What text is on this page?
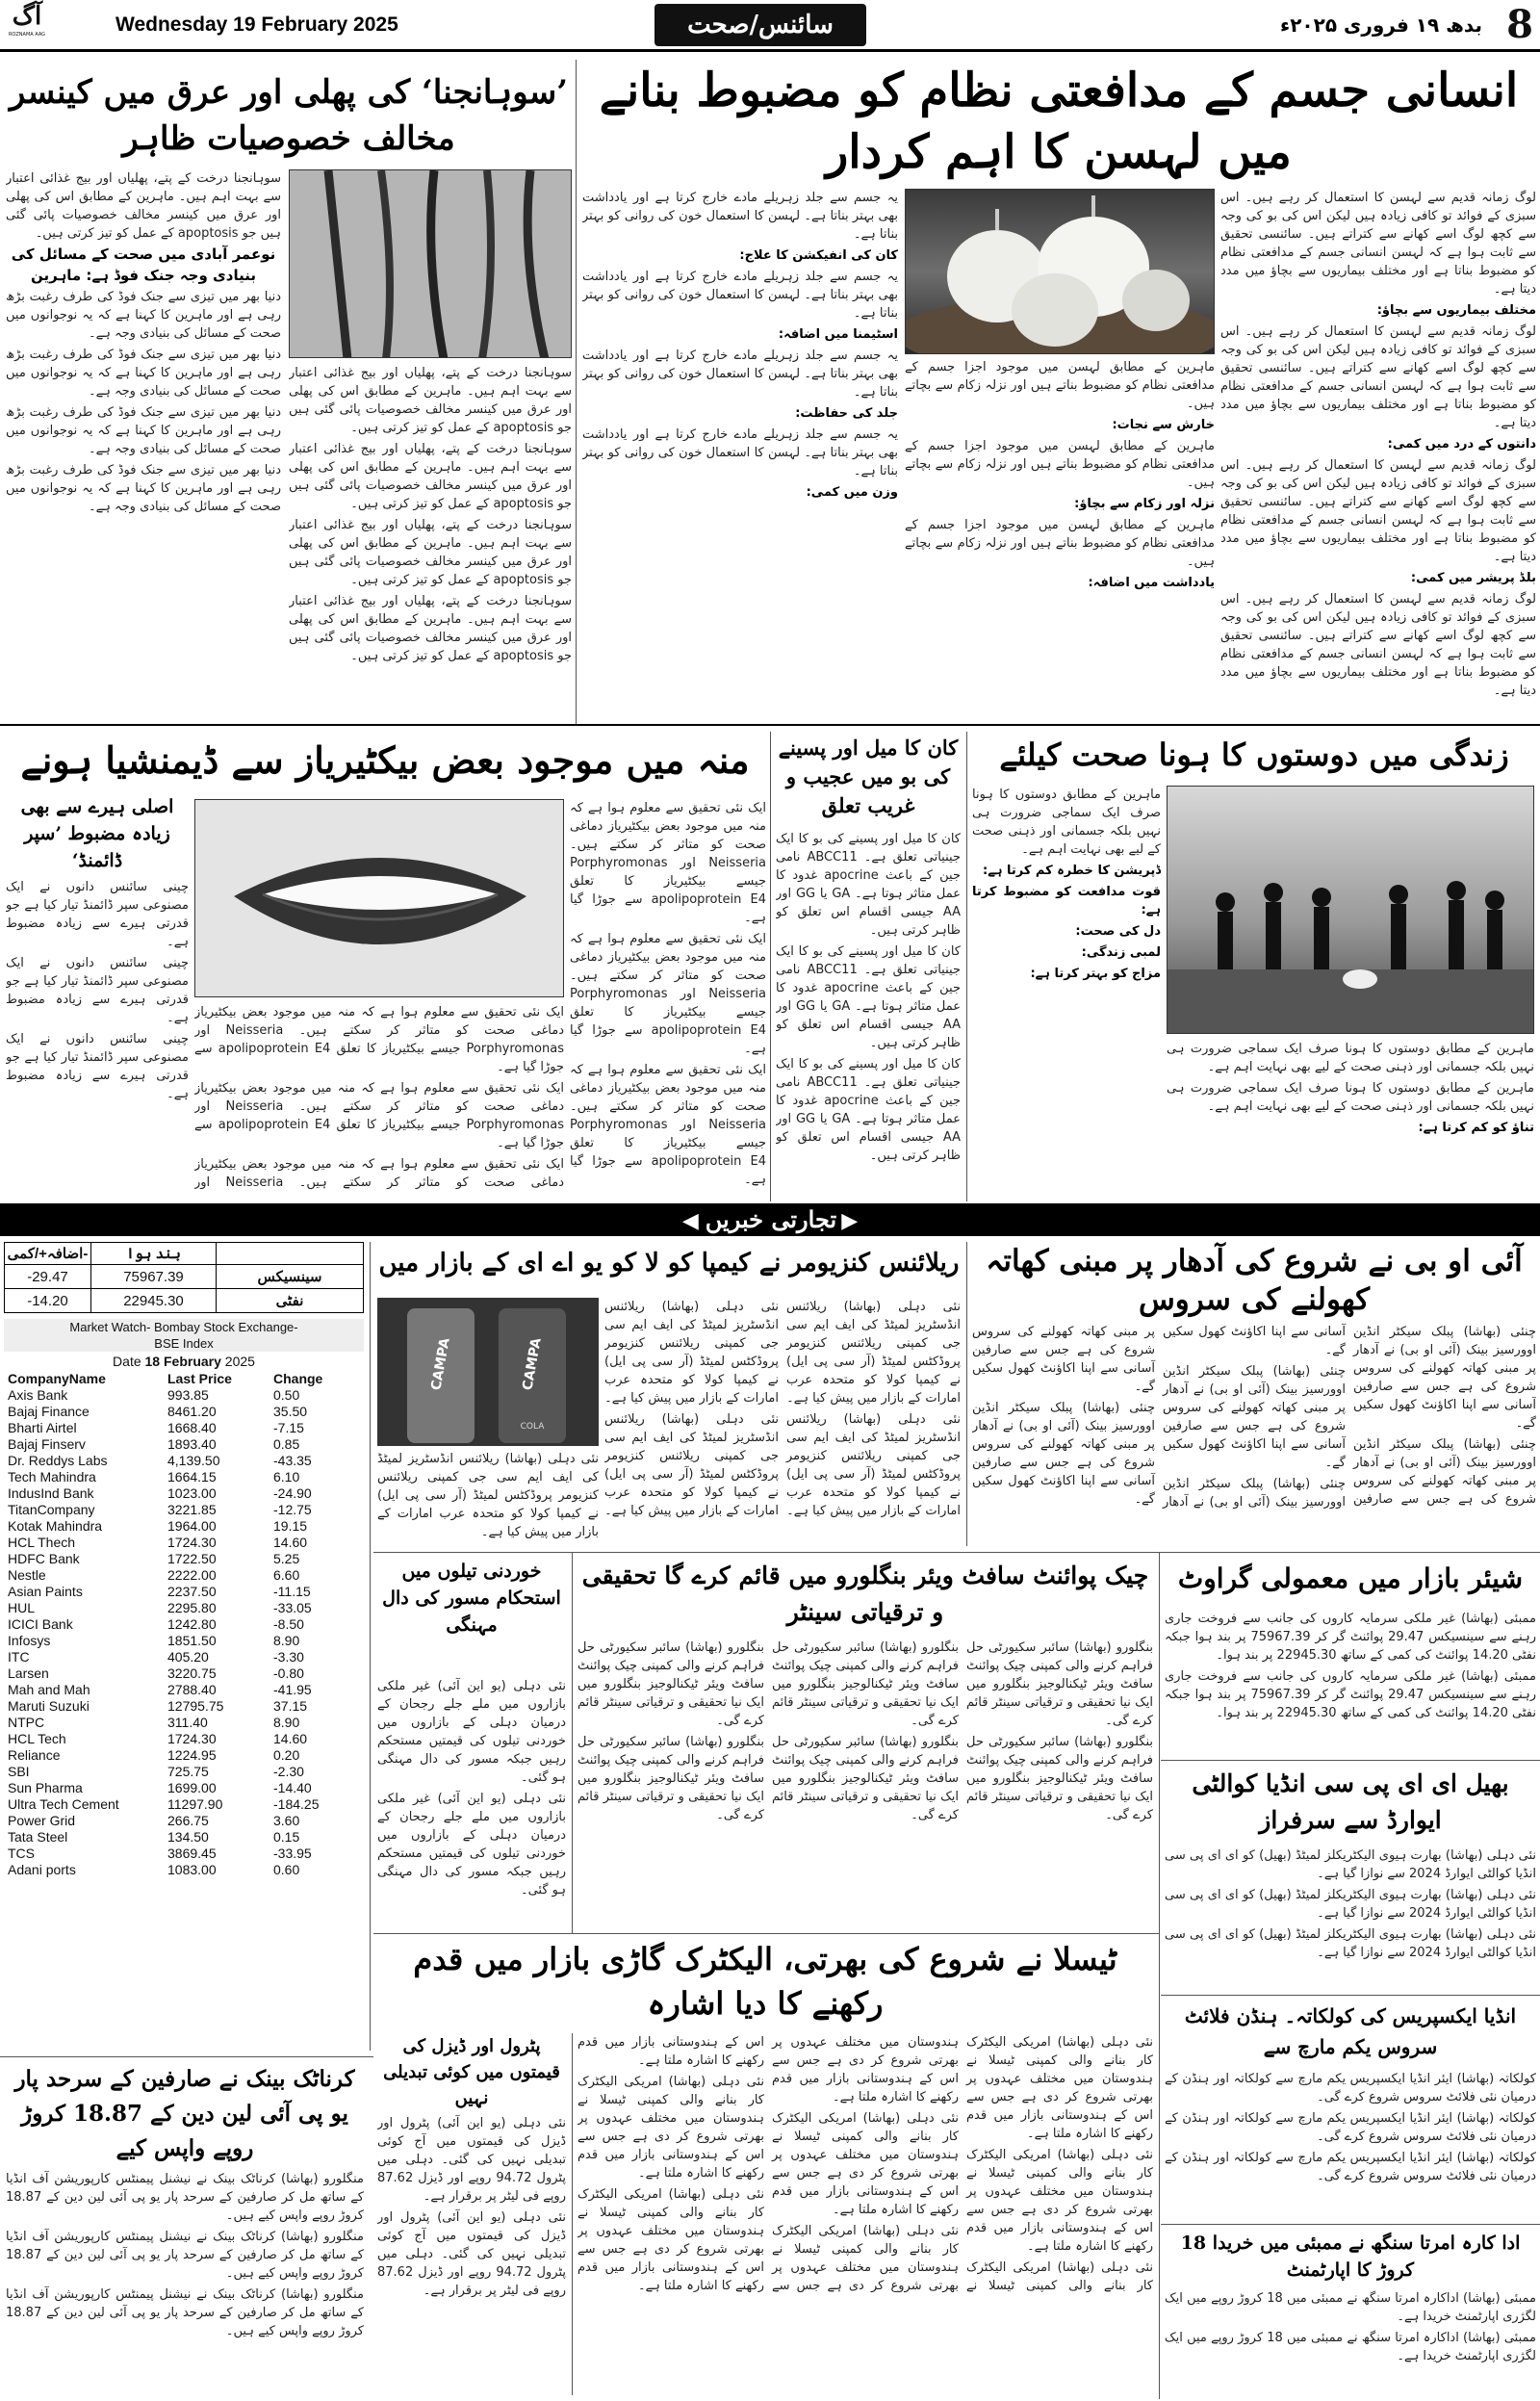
آگ
ROZNAMA AAG	Wednesday 19 February 2025	سائنس/صحت	بدھ ۱۹ فروری ۲۰۲۵ء 8
انسانی جسم کے مدافعتی نظام کو مضبوط بنانے میں لہسن کا اہم کردار

لوگ زمانہ قدیم سے لہسن کا استعمال کر رہے ہیں۔ اس سبزی کے فوائد تو کافی زیادہ ہیں لیکن اس کی بو کی وجہ سے کچھ لوگ اسے کھانے سے کتراتے ہیں۔ سائنسی تحقیق سے ثابت ہوا ہے کہ لہسن انسانی جسم کے مدافعتی نظام کو مضبوط بناتا ہے اور مختلف بیماریوں سے بچاؤ میں مدد دیتا ہے۔

مختلف بیماریوں سے بچاؤ:

لوگ زمانہ قدیم سے لہسن کا استعمال کر رہے ہیں۔ اس سبزی کے فوائد تو کافی زیادہ ہیں لیکن اس کی بو کی وجہ سے کچھ لوگ اسے کھانے سے کتراتے ہیں۔ سائنسی تحقیق سے ثابت ہوا ہے کہ لہسن انسانی جسم کے مدافعتی نظام کو مضبوط بناتا ہے اور مختلف بیماریوں سے بچاؤ میں مدد دیتا ہے۔

دانتوں کے درد میں کمی:

لوگ زمانہ قدیم سے لہسن کا استعمال کر رہے ہیں۔ اس سبزی کے فوائد تو کافی زیادہ ہیں لیکن اس کی بو کی وجہ سے کچھ لوگ اسے کھانے سے کتراتے ہیں۔ سائنسی تحقیق سے ثابت ہوا ہے کہ لہسن انسانی جسم کے مدافعتی نظام کو مضبوط بناتا ہے اور مختلف بیماریوں سے بچاؤ میں مدد دیتا ہے۔

بلڈ پریشر میں کمی:

لوگ زمانہ قدیم سے لہسن کا استعمال کر رہے ہیں۔ اس سبزی کے فوائد تو کافی زیادہ ہیں لیکن اس کی بو کی وجہ سے کچھ لوگ اسے کھانے سے کتراتے ہیں۔ سائنسی تحقیق سے ثابت ہوا ہے کہ لہسن انسانی جسم کے مدافعتی نظام کو مضبوط بناتا ہے اور مختلف بیماریوں سے بچاؤ میں مدد دیتا ہے۔

ماہرین کے مطابق لہسن میں موجود اجزا جسم کے مدافعتی نظام کو مضبوط بناتے ہیں اور نزلہ زکام سے بچاتے ہیں۔

خارش سے نجات:

ماہرین کے مطابق لہسن میں موجود اجزا جسم کے مدافعتی نظام کو مضبوط بناتے ہیں اور نزلہ زکام سے بچاتے ہیں۔

نزلہ اور زکام سے بچاؤ:

ماہرین کے مطابق لہسن میں موجود اجزا جسم کے مدافعتی نظام کو مضبوط بناتے ہیں اور نزلہ زکام سے بچاتے ہیں۔

یادداشت میں اضافہ:

یہ جسم سے جلد زہریلے مادے خارج کرتا ہے اور یادداشت بھی بہتر بناتا ہے۔ لہسن کا استعمال خون کی روانی کو بہتر بناتا ہے۔

کان کی انفیکشن کا علاج:

یہ جسم سے جلد زہریلے مادے خارج کرتا ہے اور یادداشت بھی بہتر بناتا ہے۔ لہسن کا استعمال خون کی روانی کو بہتر بناتا ہے۔

اسٹیمنا میں اضافہ:

یہ جسم سے جلد زہریلے مادے خارج کرتا ہے اور یادداشت بھی بہتر بناتا ہے۔ لہسن کا استعمال خون کی روانی کو بہتر بناتا ہے۔

جلد کی حفاظت:

یہ جسم سے جلد زہریلے مادے خارج کرتا ہے اور یادداشت بھی بہتر بناتا ہے۔ لہسن کا استعمال خون کی روانی کو بہتر بناتا ہے۔

وزن میں کمی:

’سوہانجنا‘ کی پھلی اور عرق میں کینسر مخالف خصوصیات ظاہر

سوہانجنا درخت کے پتے، پھلیاں اور بیج غذائی اعتبار سے بہت اہم ہیں۔ ماہرین کے مطابق اس کی پھلی اور عرق میں کینسر مخالف خصوصیات پائی گئی ہیں جو apoptosis کے عمل کو تیز کرتی ہیں۔

سوہانجنا درخت کے پتے، پھلیاں اور بیج غذائی اعتبار سے بہت اہم ہیں۔ ماہرین کے مطابق اس کی پھلی اور عرق میں کینسر مخالف خصوصیات پائی گئی ہیں جو apoptosis کے عمل کو تیز کرتی ہیں۔

سوہانجنا درخت کے پتے، پھلیاں اور بیج غذائی اعتبار سے بہت اہم ہیں۔ ماہرین کے مطابق اس کی پھلی اور عرق میں کینسر مخالف خصوصیات پائی گئی ہیں جو apoptosis کے عمل کو تیز کرتی ہیں۔

سوہانجنا درخت کے پتے، پھلیاں اور بیج غذائی اعتبار سے بہت اہم ہیں۔ ماہرین کے مطابق اس کی پھلی اور عرق میں کینسر مخالف خصوصیات پائی گئی ہیں جو apoptosis کے عمل کو تیز کرتی ہیں۔

سوہانجنا درخت کے پتے، پھلیاں اور بیج غذائی اعتبار سے بہت اہم ہیں۔ ماہرین کے مطابق اس کی پھلی اور عرق میں کینسر مخالف خصوصیات پائی گئی ہیں جو apoptosis کے عمل کو تیز کرتی ہیں۔

نوعمر آبادی میں صحت کے مسائل کی

بنیادی وجہ جنک فوڈ ہے: ماہرین

دنیا بھر میں تیزی سے جنک فوڈ کی طرف رغبت بڑھ رہی ہے اور ماہرین کا کہنا ہے کہ یہ نوجوانوں میں صحت کے مسائل کی بنیادی وجہ ہے۔

دنیا بھر میں تیزی سے جنک فوڈ کی طرف رغبت بڑھ رہی ہے اور ماہرین کا کہنا ہے کہ یہ نوجوانوں میں صحت کے مسائل کی بنیادی وجہ ہے۔

دنیا بھر میں تیزی سے جنک فوڈ کی طرف رغبت بڑھ رہی ہے اور ماہرین کا کہنا ہے کہ یہ نوجوانوں میں صحت کے مسائل کی بنیادی وجہ ہے۔

دنیا بھر میں تیزی سے جنک فوڈ کی طرف رغبت بڑھ رہی ہے اور ماہرین کا کہنا ہے کہ یہ نوجوانوں میں صحت کے مسائل کی بنیادی وجہ ہے۔

زندگی میں دوستوں کا ہونا صحت کیلئے

ماہرین کے مطابق دوستوں کا ہونا صرف ایک سماجی ضرورت ہی نہیں بلکہ جسمانی اور ذہنی صحت کے لیے بھی نہایت اہم ہے۔

ماہرین کے مطابق دوستوں کا ہونا صرف ایک سماجی ضرورت ہی نہیں بلکہ جسمانی اور ذہنی صحت کے لیے بھی نہایت اہم ہے۔

تناؤ کو کم کرتا ہے:

ماہرین کے مطابق دوستوں کا ہونا صرف ایک سماجی ضرورت ہی نہیں بلکہ جسمانی اور ذہنی صحت کے لیے بھی نہایت اہم ہے۔

ڈپریشن کا خطرہ کم کرتا ہے:

قوت مدافعت کو مضبوط کرتا ہے:

دل کی صحت:

لمبی زندگی:

مزاج کو بہتر کرتا ہے:

کان کا میل اور پسینے کی بو میں عجیب و غریب تعلق

کان کا میل اور پسینے کی بو کا ایک جینیاتی تعلق ہے۔ ABCC11 نامی جین کے باعث apocrine غدود کا عمل متاثر ہوتا ہے۔ GA یا GG اور AA جیسی اقسام اس تعلق کو ظاہر کرتی ہیں۔

کان کا میل اور پسینے کی بو کا ایک جینیاتی تعلق ہے۔ ABCC11 نامی جین کے باعث apocrine غدود کا عمل متاثر ہوتا ہے۔ GA یا GG اور AA جیسی اقسام اس تعلق کو ظاہر کرتی ہیں۔

کان کا میل اور پسینے کی بو کا ایک جینیاتی تعلق ہے۔ ABCC11 نامی جین کے باعث apocrine غدود کا عمل متاثر ہوتا ہے۔ GA یا GG اور AA جیسی اقسام اس تعلق کو ظاہر کرتی ہیں۔

منہ میں موجود بعض بیکٹیریاز سے ڈیمنشیا ہونے

ایک نئی تحقیق سے معلوم ہوا ہے کہ منہ میں موجود بعض بیکٹیریاز دماغی صحت کو متاثر کر سکتے ہیں۔ Neisseria اور Porphyromonas جیسے بیکٹیریاز کا تعلق apolipoprotein E4 سے جوڑا گیا ہے۔

ایک نئی تحقیق سے معلوم ہوا ہے کہ منہ میں موجود بعض بیکٹیریاز دماغی صحت کو متاثر کر سکتے ہیں۔ Neisseria اور Porphyromonas جیسے بیکٹیریاز کا تعلق apolipoprotein E4 سے جوڑا گیا ہے۔

ایک نئی تحقیق سے معلوم ہوا ہے کہ منہ میں موجود بعض بیکٹیریاز دماغی صحت کو متاثر کر سکتے ہیں۔ Neisseria اور Porphyromonas جیسے بیکٹیریاز کا تعلق apolipoprotein E4 سے جوڑا گیا ہے۔

ایک نئی تحقیق سے معلوم ہوا ہے کہ منہ میں موجود بعض بیکٹیریاز دماغی صحت کو متاثر کر سکتے ہیں۔ Neisseria اور Porphyromonas جیسے بیکٹیریاز کا تعلق apolipoprotein E4 سے جوڑا گیا ہے۔

ایک نئی تحقیق سے معلوم ہوا ہے کہ منہ میں موجود بعض بیکٹیریاز دماغی صحت کو متاثر کر سکتے ہیں۔ Neisseria اور Porphyromonas جیسے بیکٹیریاز کا تعلق apolipoprotein E4 سے جوڑا گیا ہے۔

ایک نئی تحقیق سے معلوم ہوا ہے کہ منہ میں موجود بعض بیکٹیریاز دماغی صحت کو متاثر کر سکتے ہیں۔ Neisseria اور

اصلی ہیرے سے بھی
زیادہ مضبوط ’سپر ڈائمنڈ‘

چینی سائنس دانوں نے ایک مصنوعی سپر ڈائمنڈ تیار کیا ہے جو قدرتی ہیرے سے زیادہ مضبوط ہے۔

چینی سائنس دانوں نے ایک مصنوعی سپر ڈائمنڈ تیار کیا ہے جو قدرتی ہیرے سے زیادہ مضبوط ہے۔

چینی سائنس دانوں نے ایک مصنوعی سپر ڈائمنڈ تیار کیا ہے جو قدرتی ہیرے سے زیادہ مضبوط ہے۔

◀ تجارتی خبریں ▶
اضافہ+/کمی-	بند ہوا	
-29.47	75967.39	سینسیکس
-14.20	22945.30	نفٹی
Market Watch- Bombay Stock Exchange-
BSE Index
Date 18 February 2025
CompanyName	Last Price	Change
Axis Bank	993.85	0.50
Bajaj Finance	8461.20	35.50
Bharti Airtel	1668.40	-7.15
Bajaj Finserv	1893.40	0.85
Dr. Reddys Labs	4,139.50	-43.35
Tech Mahindra	1664.15	6.10
IndusInd Bank	1023.00	-24.90
TitanCompany	3221.85	-12.75
Kotak Mahindra	1964.00	19.15
HCL Thech	1724.30	14.60
HDFC Bank	1722.50	5.25
Nestle	2222.00	6.60
Asian Paints	2237.50	-11.15
HUL	2295.80	-33.05
ICICI Bank	1242.80	-8.50
Infosys	1851.50	8.90
ITC	405.20	-3.30
Larsen	3220.75	-0.80
Mah and Mah	2788.40	-41.95
Maruti Suzuki	12795.75	37.15
NTPC	311.40	8.90
HCL Tech	1724.30	14.60
Reliance	1224.95	0.20
SBI	725.75	-2.30
Sun Pharma	1699.00	-14.40
Ultra Tech Cement	11297.90	-184.25
Power Grid	266.75	3.60
Tata Steel	134.50	0.15
TCS	3869.45	-33.95
Adani ports	1083.00	0.60
آئی او بی نے شروع کی آدھار پر مبنی کھاتہ کھولنے کی سروس

چنئی (بھاشا) پبلک سیکٹر انڈین اوورسیز بینک (آئی او بی) نے آدھار پر مبنی کھاتہ کھولنے کی سروس شروع کی ہے جس سے صارفین آسانی سے اپنا اکاؤنٹ کھول سکیں گے۔

چنئی (بھاشا) پبلک سیکٹر انڈین اوورسیز بینک (آئی او بی) نے آدھار پر مبنی کھاتہ کھولنے کی سروس شروع کی ہے جس سے صارفین آسانی سے اپنا اکاؤنٹ کھول سکیں گے۔

چنئی (بھاشا) پبلک سیکٹر انڈین اوورسیز بینک (آئی او بی) نے آدھار پر مبنی کھاتہ کھولنے کی سروس شروع کی ہے جس سے صارفین آسانی سے اپنا اکاؤنٹ کھول سکیں گے۔

چنئی (بھاشا) پبلک سیکٹر انڈین اوورسیز بینک (آئی او بی) نے آدھار پر مبنی کھاتہ کھولنے کی سروس شروع کی ہے جس سے صارفین آسانی سے اپنا اکاؤنٹ کھول سکیں گے۔

چنئی (بھاشا) پبلک سیکٹر انڈین اوورسیز بینک (آئی او بی) نے آدھار پر مبنی کھاتہ کھولنے کی سروس شروع کی ہے جس سے صارفین آسانی سے اپنا اکاؤنٹ کھول سکیں گے۔

ریلائنس کنزیومر نے کیمپا کو لا کو یو اے ای کے بازار میں
CAMPA	CAMPA
COLA

نئی دہلی (بھاشا) ریلائنس انڈسٹریز لمیٹڈ کی ایف ایم سی جی کمپنی ریلائنس کنزیومر پروڈکٹس لمیٹڈ (آر سی پی ایل) نے کیمپا کولا کو متحدہ عرب امارات کے بازار میں پیش کیا ہے۔

نئی دہلی (بھاشا) ریلائنس انڈسٹریز لمیٹڈ کی ایف ایم سی جی کمپنی ریلائنس کنزیومر پروڈکٹس لمیٹڈ (آر سی پی ایل) نے کیمپا کولا کو متحدہ عرب امارات کے بازار میں پیش کیا ہے۔

نئی دہلی (بھاشا) ریلائنس انڈسٹریز لمیٹڈ کی ایف ایم سی جی کمپنی ریلائنس کنزیومر پروڈکٹس لمیٹڈ (آر سی پی ایل) نے کیمپا کولا کو متحدہ عرب امارات کے بازار میں پیش کیا ہے۔

نئی دہلی (بھاشا) ریلائنس انڈسٹریز لمیٹڈ کی ایف ایم سی جی کمپنی ریلائنس کنزیومر پروڈکٹس لمیٹڈ (آر سی پی ایل) نے کیمپا کولا کو متحدہ عرب امارات کے بازار میں پیش کیا ہے۔

نئی دہلی (بھاشا) ریلائنس انڈسٹریز لمیٹڈ کی ایف ایم سی جی کمپنی ریلائنس کنزیومر پروڈکٹس لمیٹڈ (آر سی پی ایل) نے کیمپا کولا کو متحدہ عرب امارات کے بازار میں پیش کیا ہے۔

شیئر بازار میں معمولی گراوٹ

ممبئی (بھاشا) غیر ملکی سرمایہ کاروں کی جانب سے فروخت جاری رہنے سے سینسیکس 29.47 پوائنٹ گر کر 75967.39 پر بند ہوا جبکہ نفٹی 14.20 پوائنٹ کی کمی کے ساتھ 22945.30 پر بند ہوا۔

ممبئی (بھاشا) غیر ملکی سرمایہ کاروں کی جانب سے فروخت جاری رہنے سے سینسیکس 29.47 پوائنٹ گر کر 75967.39 پر بند ہوا جبکہ نفٹی 14.20 پوائنٹ کی کمی کے ساتھ 22945.30 پر بند ہوا۔

بھیل ای ای پی سی انڈیا کوالٹی ایوارڈ سے سرفراز

نئی دہلی (بھاشا) بھارت ہیوی الیکٹریکلز لمیٹڈ (بھیل) کو ای ای پی سی انڈیا کوالٹی ایوارڈ 2024 سے نوازا گیا ہے۔

نئی دہلی (بھاشا) بھارت ہیوی الیکٹریکلز لمیٹڈ (بھیل) کو ای ای پی سی انڈیا کوالٹی ایوارڈ 2024 سے نوازا گیا ہے۔

نئی دہلی (بھاشا) بھارت ہیوی الیکٹریکلز لمیٹڈ (بھیل) کو ای ای پی سی انڈیا کوالٹی ایوارڈ 2024 سے نوازا گیا ہے۔

انڈیا ایکسپریس کی کولکاتہ۔ ہنڈن فلائٹ سروس یکم مارچ سے

کولکاتہ (بھاشا) ایئر انڈیا ایکسپریس یکم مارچ سے کولکاتہ اور ہنڈن کے درمیان نئی فلائٹ سروس شروع کرے گی۔

کولکاتہ (بھاشا) ایئر انڈیا ایکسپریس یکم مارچ سے کولکاتہ اور ہنڈن کے درمیان نئی فلائٹ سروس شروع کرے گی۔

کولکاتہ (بھاشا) ایئر انڈیا ایکسپریس یکم مارچ سے کولکاتہ اور ہنڈن کے درمیان نئی فلائٹ سروس شروع کرے گی۔

ادا کارہ امرتا سنگھ نے ممبئی میں خریدا 18 کروڑ کا اپارٹمنٹ

ممبئی (بھاشا) اداکارہ امرتا سنگھ نے ممبئی میں 18 کروڑ روپے میں ایک لگژری اپارٹمنٹ خریدا ہے۔

ممبئی (بھاشا) اداکارہ امرتا سنگھ نے ممبئی میں 18 کروڑ روپے میں ایک لگژری اپارٹمنٹ خریدا ہے۔

چیک پوائنٹ سافٹ ویئر بنگلورو میں قائم کرے گا تحقیقی و ترقیاتی سینٹر

بنگلورو (بھاشا) سائبر سکیورٹی حل فراہم کرنے والی کمپنی چیک پوائنٹ سافٹ ویئر ٹیکنالوجیز بنگلورو میں ایک نیا تحقیقی و ترقیاتی سینٹر قائم کرے گی۔

بنگلورو (بھاشا) سائبر سکیورٹی حل فراہم کرنے والی کمپنی چیک پوائنٹ سافٹ ویئر ٹیکنالوجیز بنگلورو میں ایک نیا تحقیقی و ترقیاتی سینٹر قائم کرے گی۔

بنگلورو (بھاشا) سائبر سکیورٹی حل فراہم کرنے والی کمپنی چیک پوائنٹ سافٹ ویئر ٹیکنالوجیز بنگلورو میں ایک نیا تحقیقی و ترقیاتی سینٹر قائم کرے گی۔

بنگلورو (بھاشا) سائبر سکیورٹی حل فراہم کرنے والی کمپنی چیک پوائنٹ سافٹ ویئر ٹیکنالوجیز بنگلورو میں ایک نیا تحقیقی و ترقیاتی سینٹر قائم کرے گی۔

بنگلورو (بھاشا) سائبر سکیورٹی حل فراہم کرنے والی کمپنی چیک پوائنٹ سافٹ ویئر ٹیکنالوجیز بنگلورو میں ایک نیا تحقیقی و ترقیاتی سینٹر قائم کرے گی۔

بنگلورو (بھاشا) سائبر سکیورٹی حل فراہم کرنے والی کمپنی چیک پوائنٹ سافٹ ویئر ٹیکنالوجیز بنگلورو میں ایک نیا تحقیقی و ترقیاتی سینٹر قائم کرے گی۔

خوردنی تیلوں میں استحکام مسور کی دال مہنگی

نئی دہلی (یو این آئی) غیر ملکی بازاروں میں ملے جلے رجحان کے درمیان دہلی کے بازاروں میں خوردنی تیلوں کی قیمتیں مستحکم رہیں جبکہ مسور کی دال مہنگی ہو گئی۔

نئی دہلی (یو این آئی) غیر ملکی بازاروں میں ملے جلے رجحان کے درمیان دہلی کے بازاروں میں خوردنی تیلوں کی قیمتیں مستحکم رہیں جبکہ مسور کی دال مہنگی ہو گئی۔

ٹیسلا نے شروع کی بھرتی، الیکٹرک گاڑی بازار میں قدم رکھنے کا دیا اشارہ

نئی دہلی (بھاشا) امریکی الیکٹرک کار بنانے والی کمپنی ٹیسلا نے ہندوستان میں مختلف عہدوں پر بھرتی شروع کر دی ہے جس سے اس کے ہندوستانی بازار میں قدم رکھنے کا اشارہ ملتا ہے۔

نئی دہلی (بھاشا) امریکی الیکٹرک کار بنانے والی کمپنی ٹیسلا نے ہندوستان میں مختلف عہدوں پر بھرتی شروع کر دی ہے جس سے اس کے ہندوستانی بازار میں قدم رکھنے کا اشارہ ملتا ہے۔

نئی دہلی (بھاشا) امریکی الیکٹرک کار بنانے والی کمپنی ٹیسلا نے ہندوستان میں مختلف عہدوں پر بھرتی شروع کر دی ہے جس سے اس کے ہندوستانی بازار میں قدم رکھنے کا اشارہ ملتا ہے۔

نئی دہلی (بھاشا) امریکی الیکٹرک کار بنانے والی کمپنی ٹیسلا نے ہندوستان میں مختلف عہدوں پر بھرتی شروع کر دی ہے جس سے اس کے ہندوستانی بازار میں قدم رکھنے کا اشارہ ملتا ہے۔

نئی دہلی (بھاشا) امریکی الیکٹرک کار بنانے والی کمپنی ٹیسلا نے ہندوستان میں مختلف عہدوں پر بھرتی شروع کر دی ہے جس سے اس کے ہندوستانی بازار میں قدم رکھنے کا اشارہ ملتا ہے۔

نئی دہلی (بھاشا) امریکی الیکٹرک کار بنانے والی کمپنی ٹیسلا نے ہندوستان میں مختلف عہدوں پر بھرتی شروع کر دی ہے جس سے اس کے ہندوستانی بازار میں قدم رکھنے کا اشارہ ملتا ہے۔

نئی دہلی (بھاشا) امریکی الیکٹرک کار بنانے والی کمپنی ٹیسلا نے ہندوستان میں مختلف عہدوں پر بھرتی شروع کر دی ہے جس سے اس کے ہندوستانی بازار میں قدم رکھنے کا اشارہ ملتا ہے۔

پٹرول اور ڈیزل کی قیمتوں میں کوئی تبدیلی نہیں

نئی دہلی (یو این آئی) پٹرول اور ڈیزل کی قیمتوں میں آج کوئی تبدیلی نہیں کی گئی۔ دہلی میں پٹرول 94.72 روپے اور ڈیزل 87.62 روپے فی لیٹر پر برقرار ہے۔

نئی دہلی (یو این آئی) پٹرول اور ڈیزل کی قیمتوں میں آج کوئی تبدیلی نہیں کی گئی۔ دہلی میں پٹرول 94.72 روپے اور ڈیزل 87.62 روپے فی لیٹر پر برقرار ہے۔

کرناٹک بینک نے صارفین کے سرحد پار یو پی آئی لین دین کے 18.87 کروڑ روپے واپس کیے

منگلورو (بھاشا) کرناٹک بینک نے نیشنل پیمنٹس کارپوریشن آف انڈیا کے ساتھ مل کر صارفین کے سرحد پار یو پی آئی لین دین کے 18.87 کروڑ روپے واپس کیے ہیں۔

منگلورو (بھاشا) کرناٹک بینک نے نیشنل پیمنٹس کارپوریشن آف انڈیا کے ساتھ مل کر صارفین کے سرحد پار یو پی آئی لین دین کے 18.87 کروڑ روپے واپس کیے ہیں۔

منگلورو (بھاشا) کرناٹک بینک نے نیشنل پیمنٹس کارپوریشن آف انڈیا کے ساتھ مل کر صارفین کے سرحد پار یو پی آئی لین دین کے 18.87 کروڑ روپے واپس کیے ہیں۔
